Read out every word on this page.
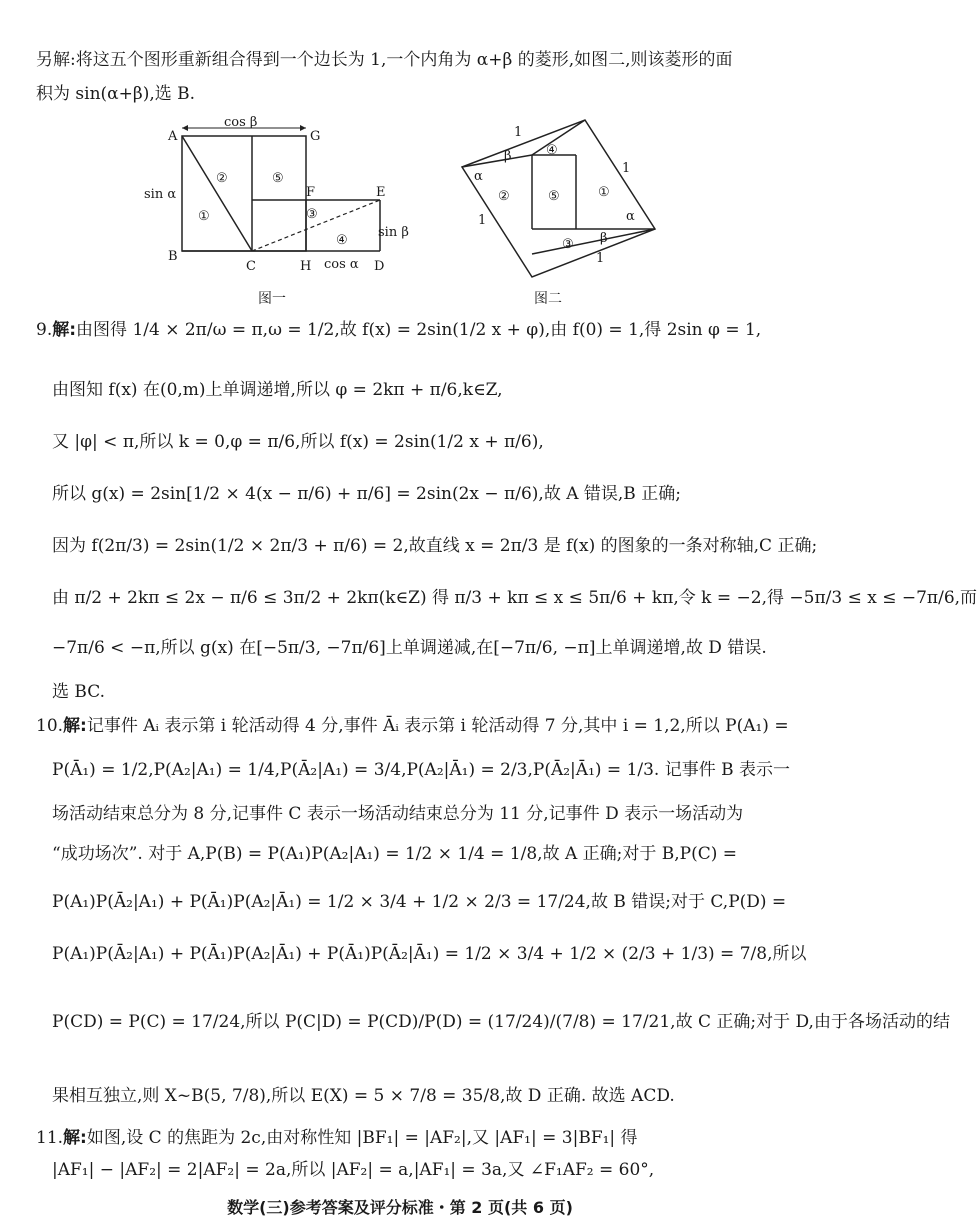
另解:将这五个图形重新组合得到一个边长为 1,一个内角为 α+β 的菱形,如图二,则该菱形的面
积为 sin(α+β),选 B.
cos β
A
B
C	H	D
G
F	E
sin α
sin β
cos α
①
②
③
④
⑤
图一
1
1
1
1
α
β
α
β
④
②	⑤	①
③
图二
9.解:由图得 1/4 × 2π/ω = π,ω = 1/2,故 f(x) = 2sin(1/2 x + φ),由 f(0) = 1,得 2sin φ = 1,
由图知 f(x) 在(0,m)上单调递增,所以 φ = 2kπ + π/6,k∈Z,
又 |φ| < π,所以 k = 0,φ = π/6,所以 f(x) = 2sin(1/2 x + π/6),
所以 g(x) = 2sin[1/2 × 4(x − π/6) + π/6] = 2sin(2x − π/6),故 A 错误,B 正确;
因为 f(2π/3) = 2sin(1/2 × 2π/3 + π/6) = 2,故直线 x = 2π/3 是 f(x) 的图象的一条对称轴,C 正确;
由 π/2 + 2kπ ≤ 2x − π/6 ≤ 3π/2 + 2kπ(k∈Z) 得 π/3 + kπ ≤ x ≤ 5π/6 + kπ,令 k = −2,得 −5π/3 ≤ x ≤ −7π/6,而
−7π/6 < −π,所以 g(x) 在[−5π/3, −7π/6]上单调递减,在[−7π/6, −π]上单调递增,故 D 错误.
选 BC.
10.解:记事件 Aᵢ 表示第 i 轮活动得 4 分,事件 Āᵢ 表示第 i 轮活动得 7 分,其中 i = 1,2,所以 P(A₁) =
P(Ā₁) = 1/2,P(A₂|A₁) = 1/4,P(Ā₂|A₁) = 3/4,P(A₂|Ā₁) = 2/3,P(Ā₂|Ā₁) = 1/3. 记事件 B 表示一
场活动结束总分为 8 分,记事件 C 表示一场活动结束总分为 11 分,记事件 D 表示一场活动为
“成功场次”. 对于 A,P(B) = P(A₁)P(A₂|A₁) = 1/2 × 1/4 = 1/8,故 A 正确;对于 B,P(C) =
P(A₁)P(Ā₂|A₁) + P(Ā₁)P(A₂|Ā₁) = 1/2 × 3/4 + 1/2 × 2/3 = 17/24,故 B 错误;对于 C,P(D) =
P(A₁)P(Ā₂|A₁) + P(Ā₁)P(A₂|Ā₁) + P(Ā₁)P(Ā₂|Ā₁) = 1/2 × 3/4 + 1/2 × (2/3 + 1/3) = 7/8,所以
P(CD) = P(C) = 17/24,所以 P(C|D) = P(CD)/P(D) = (17/24)/(7/8) = 17/21,故 C 正确;对于 D,由于各场活动的结
果相互独立,则 X~B(5, 7/8),所以 E(X) = 5 × 7/8 = 35/8,故 D 正确. 故选 ACD.
11.解:如图,设 C 的焦距为 2c,由对称性知 |BF₁| = |AF₂|,又 |AF₁| = 3|BF₁| 得
|AF₁| − |AF₂| = 2|AF₂| = 2a,所以 |AF₂| = a,|AF₁| = 3a,又 ∠F₁AF₂ = 60°,
数学(三)参考答案及评分标准・第 2 页(共 6 页)
